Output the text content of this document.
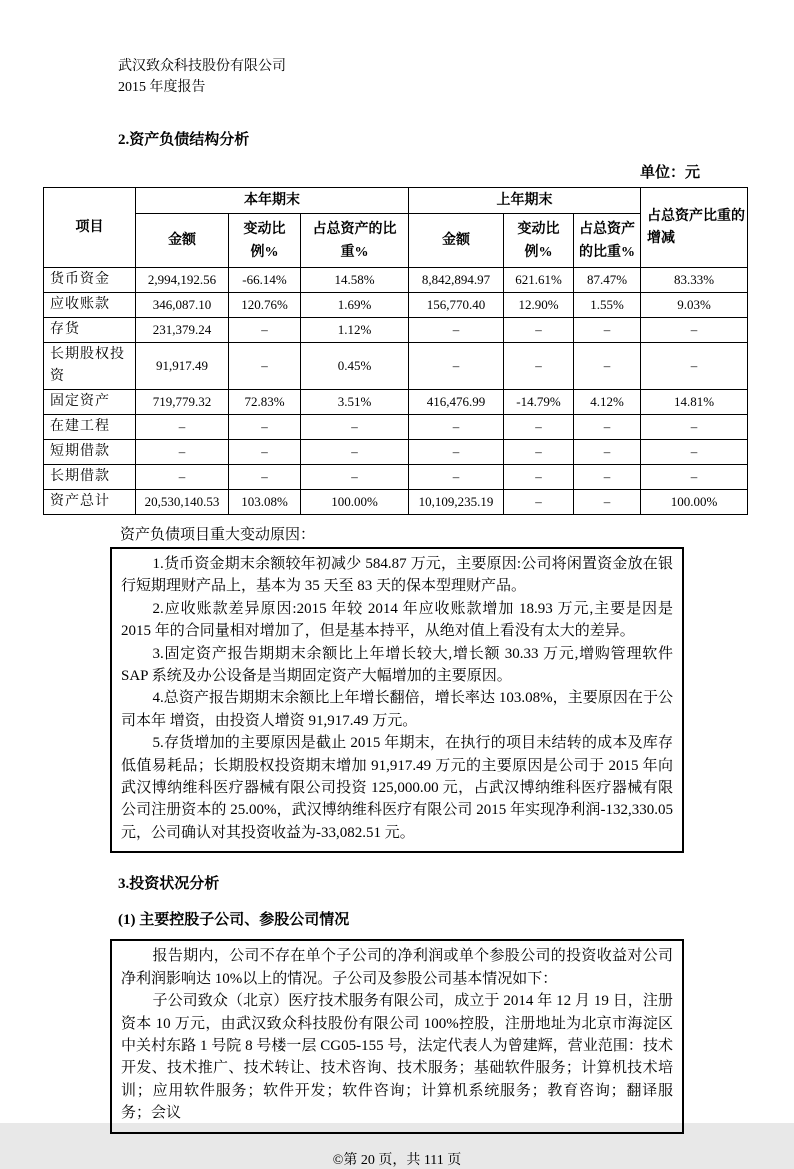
武汉致众科技股份有限公司
2015 年度报告
2.资产负债结构分析
单位：元
项目	本年期末			上年期末			占总资产比重的增减
	金额	变动比例%	占总资产的比重%	金额	变动比例%	占总资产的比重%	
货币资金	2,994,192.56	-66.14%	14.58%	8,842,894.97	621.61%	87.47%	83.33%
应收账款	346,087.10	120.76%	1.69%	156,770.40	12.90%	1.55%	9.03%
存货	231,379.24	–	1.12%	–	–	–	–
长期股权投资	91,917.49	–	0.45%	–	–	–	–
固定资产	719,779.32	72.83%	3.51%	416,476.99	-14.79%	4.12%	14.81%
在建工程	–	–	–	–	–	–	–
短期借款	–	–	–	–	–	–	–
长期借款	–	–	–	–	–	–	–
资产总计	20,530,140.53	103.08%	100.00%	10,109,235.19	–	–	100.00%
资产负债项目重大变动原因：

1.货币资金期末余额较年初减少 584.87 万元，主要原因:公司将闲置资金放在银行短期理财产品上，基本为 35 天至 83 天的保本型理财产品。

2.应收账款差异原因:2015 年较 2014 年应收账款增加 18.93 万元,主要是因是 2015 年的合同量相对增加了，但是基本持平，从绝对值上看没有太大的差异。

3.固定资产报告期期末余额比上年增长较大,增长额 30.33 万元,增购管理软件 SAP 系统及办公设备是当期固定资产大幅增加的主要原因。

4.总资产报告期期末余额比上年增长翻倍，增长率达 103.08%，主要原因在于公司本年 增资，由投资人增资 91,917.49 万元。

5.存货增加的主要原因是截止 2015 年期末，在执行的项目未结转的成本及库存低值易耗品；长期股权投资期末增加 91,917.49 万元的主要原因是公司于 2015 年向武汉博纳维科医疗器械有限公司投资 125,000.00 元，占武汉博纳维科医疗器械有限公司注册资本的 25.00%，武汉博纳维科医疗有限公司 2015 年实现净利润-132,330.05 元，公司确认对其投资收益为-33,082.51 元。

3.投资状况分析
(1) 主要控股子公司、参股公司情况

报告期内，公司不存在单个子公司的净利润或单个参股公司的投资收益对公司净利润影响达 10%以上的情况。子公司及参股公司基本情况如下：

子公司致众（北京）医疗技术服务有限公司，成立于 2014 年 12 月 19 日，注册资本 10 万元，由武汉致众科技股份有限公司 100%控股，注册地址为北京市海淀区中关村东路 1 号院 8 号楼一层 CG05-155 号，法定代表人为曾建辉，营业范围：技术开发、技术推广、技术转让、技术咨询、技术服务；基础软件服务；计算机技术培训；应用软件服务；软件开发；软件咨询；计算机系统服务；教育咨询；翻译服务；会议

©第 20 页，共 111 页
